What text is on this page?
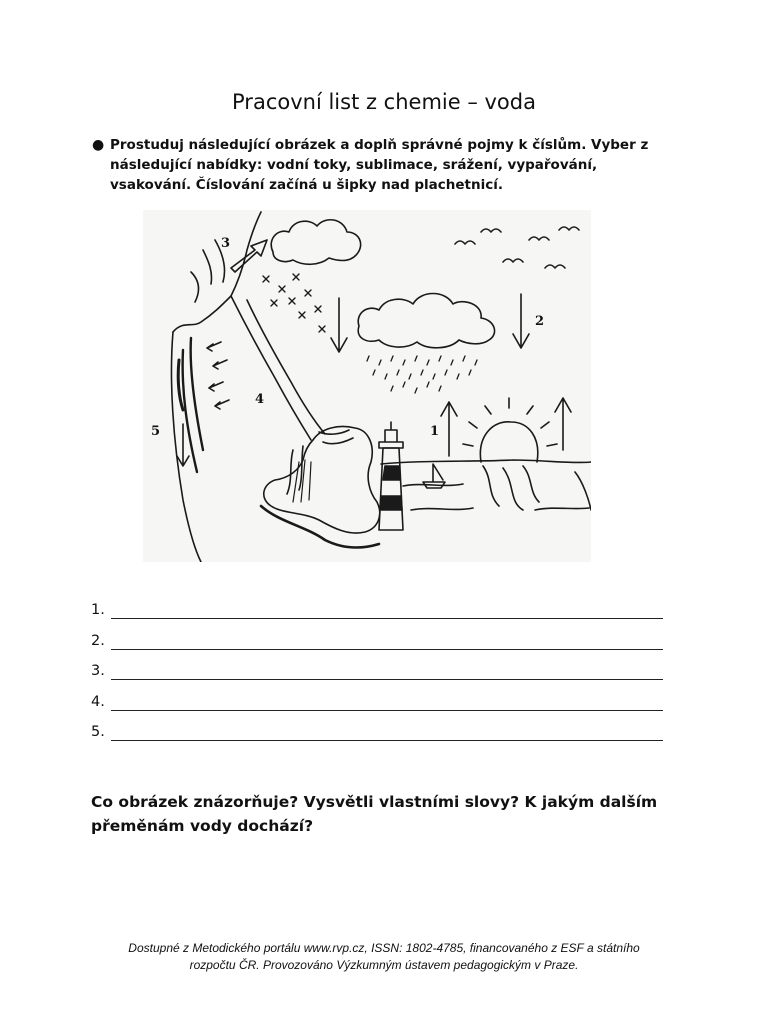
Pracovní list z chemie – voda
● Prostuduj následující obrázek a doplň správné pojmy k číslům. Vyber z následující nabídky: vodní toky, sublimace, srážení, vypařování, vsakování. Číslování začíná u šipky nad plachetnicí.
1
2
3
4
5
1.
2.
3.
4.
5.
Co obrázek znázorňuje? Vysvětli vlastními slovy? K jakým dalším přeměnám vody dochází?
Dostupné z Metodického portálu www.rvp.cz, ISSN: 1802-4785, financovaného z ESF a státního
rozpočtu ČR. Provozováno Výzkumným ústavem pedagogickým v Praze.
